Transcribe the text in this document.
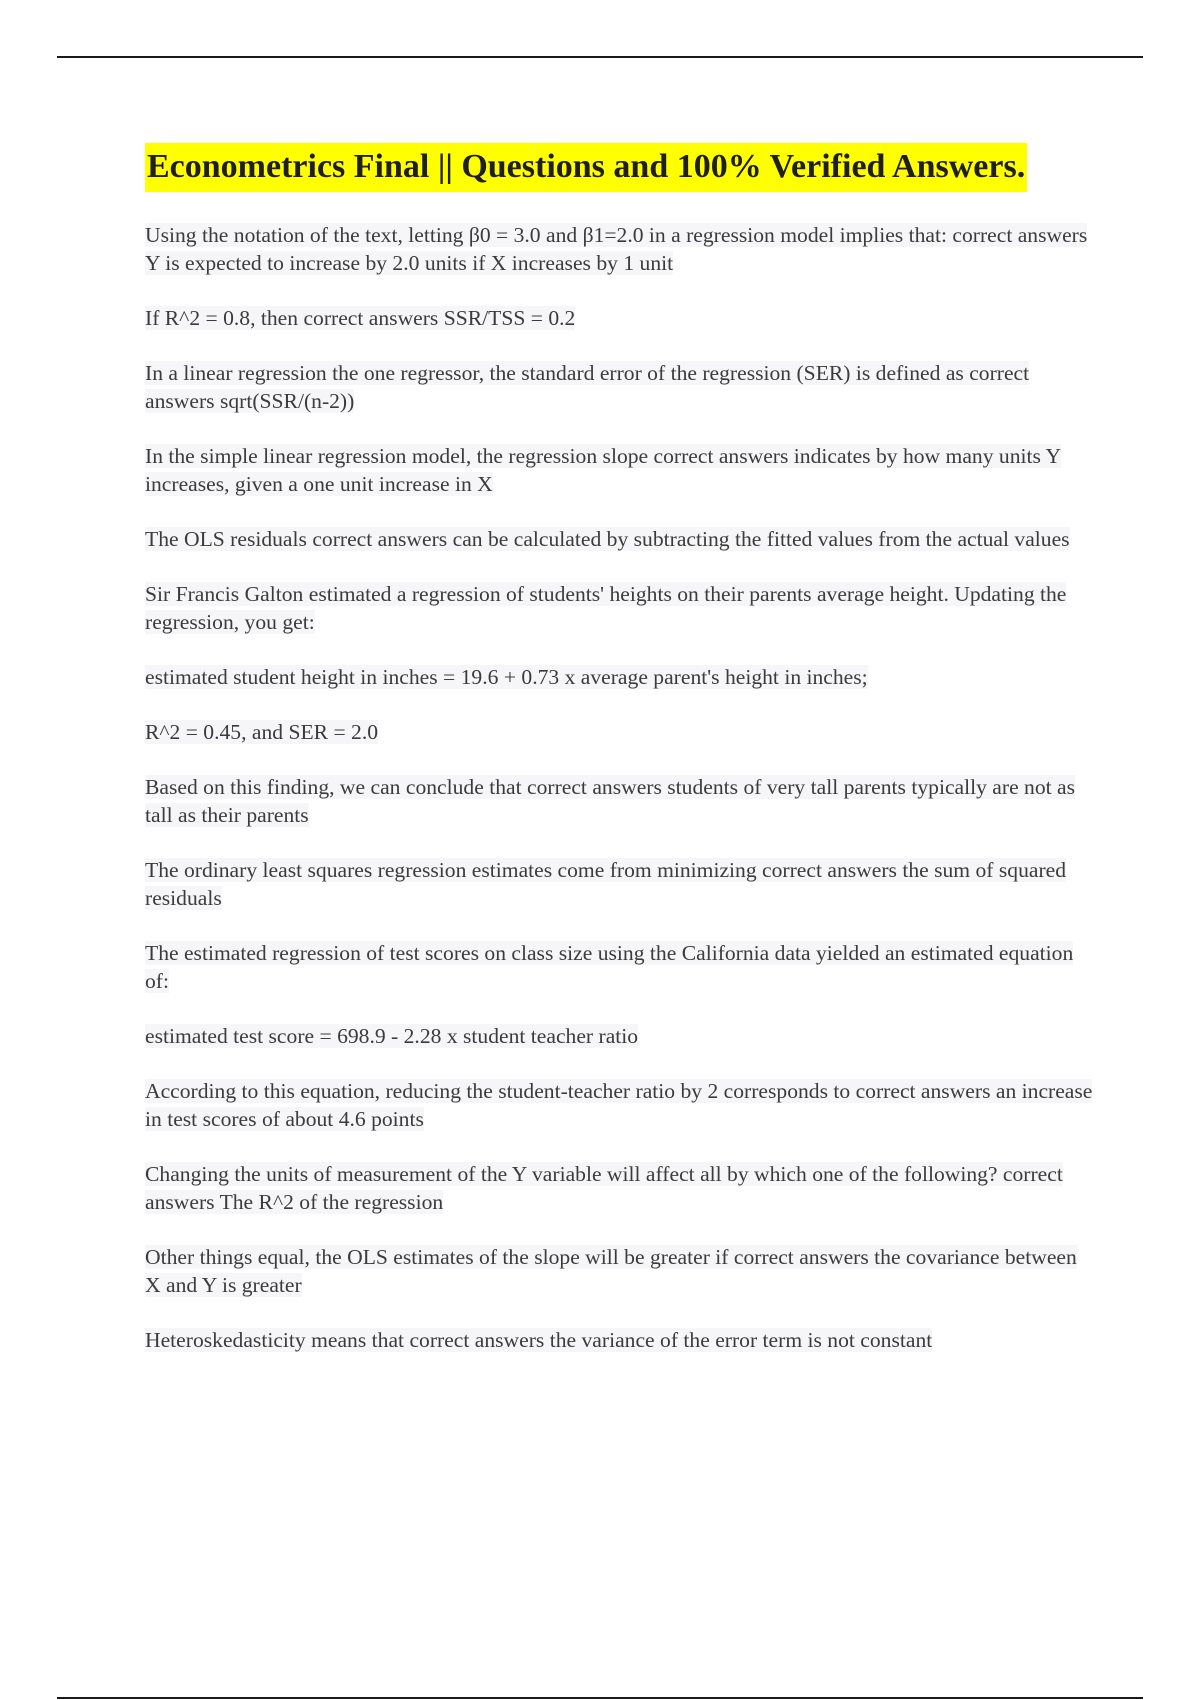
Econometrics Final || Questions and 100% Verified Answers.

Using the notation of the text, letting β0 = 3.0 and β1=2.0 in a regression model implies that: correct answers Y is expected to increase by 2.0 units if X increases by 1 unit

If R^2 = 0.8, then correct answers SSR/TSS = 0.2

In a linear regression the one regressor, the standard error of the regression (SER) is defined as correct answers sqrt(SSR/(n-2))

In the simple linear regression model, the regression slope correct answers indicates by how many units Y increases, given a one unit increase in X

The OLS residuals correct answers can be calculated by subtracting the fitted values from the actual values

Sir Francis Galton estimated a regression of students' heights on their parents average height. Updating the regression, you get:

estimated student height in inches = 19.6 + 0.73 x average parent's height in inches;

R^2 = 0.45, and SER = 2.0

Based on this finding, we can conclude that correct answers students of very tall parents typically are not as tall as their parents

The ordinary least squares regression estimates come from minimizing correct answers the sum of squared residuals

The estimated regression of test scores on class size using the California data yielded an estimated equation of:

estimated test score = 698.9 - 2.28 x student teacher ratio

According to this equation, reducing the student-teacher ratio by 2 corresponds to correct answers an increase in test scores of about 4.6 points

Changing the units of measurement of the Y variable will affect all by which one of the following? correct answers The R^2 of the regression

Other things equal, the OLS estimates of the slope will be greater if correct answers the covariance between X and Y is greater

Heteroskedasticity means that correct answers the variance of the error term is not constant
